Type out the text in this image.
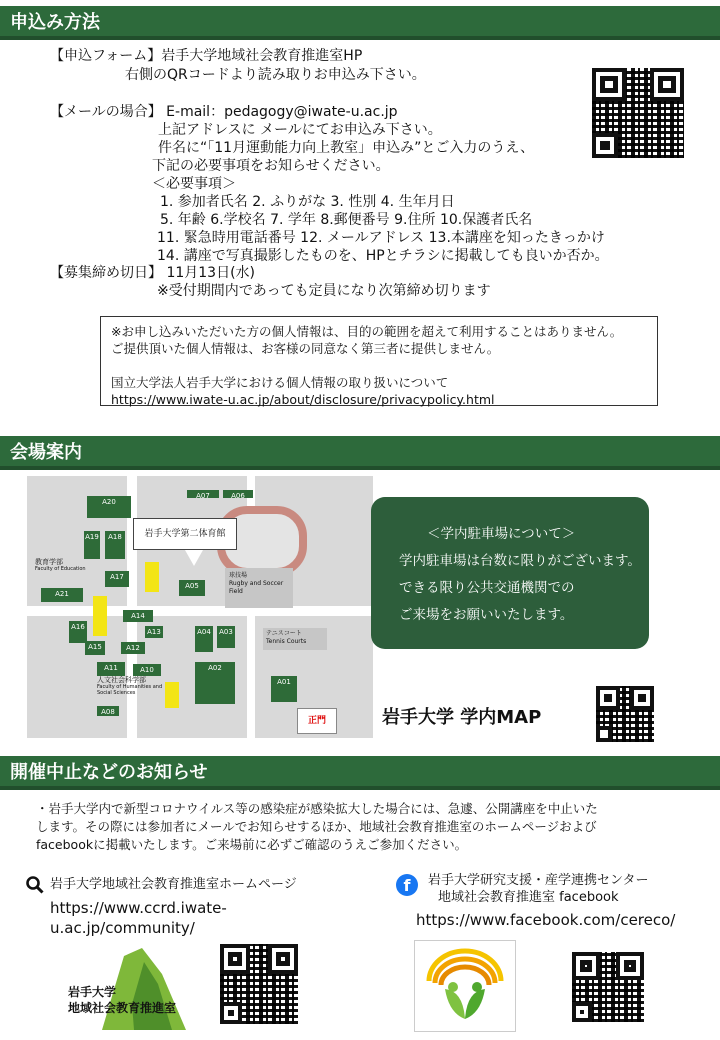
申込み方法
【申込フォーム】岩手大学地域社会教育推進室HP
右側のQRコードより読み取りお申込み下さい。
【メールの場合】 E-mail：pedagogy@iwate-u.ac.jp
上記アドレスに メールにてお申込み下さい。
件名に“「11月運動能力向上教室」申込み”とご入力のうえ、
下記の必要事項をお知らせください。
＜必要事項＞
1. 参加者氏名 2. ふりがな 3. 性別 4. 生年月日
5. 年齢 6.学校名 7. 学年 8.郵便番号 9.住所 10.保護者氏名
11. 緊急時用電話番号 12. メールアドレス 13.本講座を知ったきっかけ
14. 講座で写真撮影したものを、HPとチラシに掲載しても良いか否か。
【募集締め切日】 11月13日(水)
※受付期間内であっても定員になり次第締め切ります
※お申し込みいただいた方の個人情報は、目的の範囲を超えて利用することはありません。
ご提供頂いた個人情報は、お客様の同意なく第三者に提供しません。
国立大学法人岩手大学における個人情報の取り扱いについて
https://www.iwate-u.ac.jp/about/disclosure/privacypolicy.html
会場案内
A07	A06
A20
A19	A18
A17
A21
A16
A15
A14
A13
A12
A11	A10
A08
A05
A04	A03
A02
A01
球技場
Rugby and Soccer Field
テニスコート
Tennis Courts
教育学部
Faculty of Education
人文社会科学部
Faculty of Humanities and Social Sciences
岩手大学第二体育館
正門
＜学内駐車場について＞
学内駐車場は台数に限りがございます。
できる限り公共交通機関での
ご来場をお願いいたします。
岩手大学 学内MAP
開催中止などのお知らせ
・岩手大学内で新型コロナウイルス等の感染症が感染拡大した場合には、急遽、公開講座を中止いた
します。その際には参加者にメールでお知らせするほか、地域社会教育推進室のホームページおよび
facebookに掲載いたします。ご来場前に必ずご確認のうえご参加ください。
岩手大学地域社会教育推進室ホームページ
https://www.ccrd.iwate-
u.ac.jp/community/
岩手大学
地域社会教育推進室
f	岩手大学研究支援・産学連携センター
地域社会教育推進室 facebook
https://www.facebook.com/cereco/
